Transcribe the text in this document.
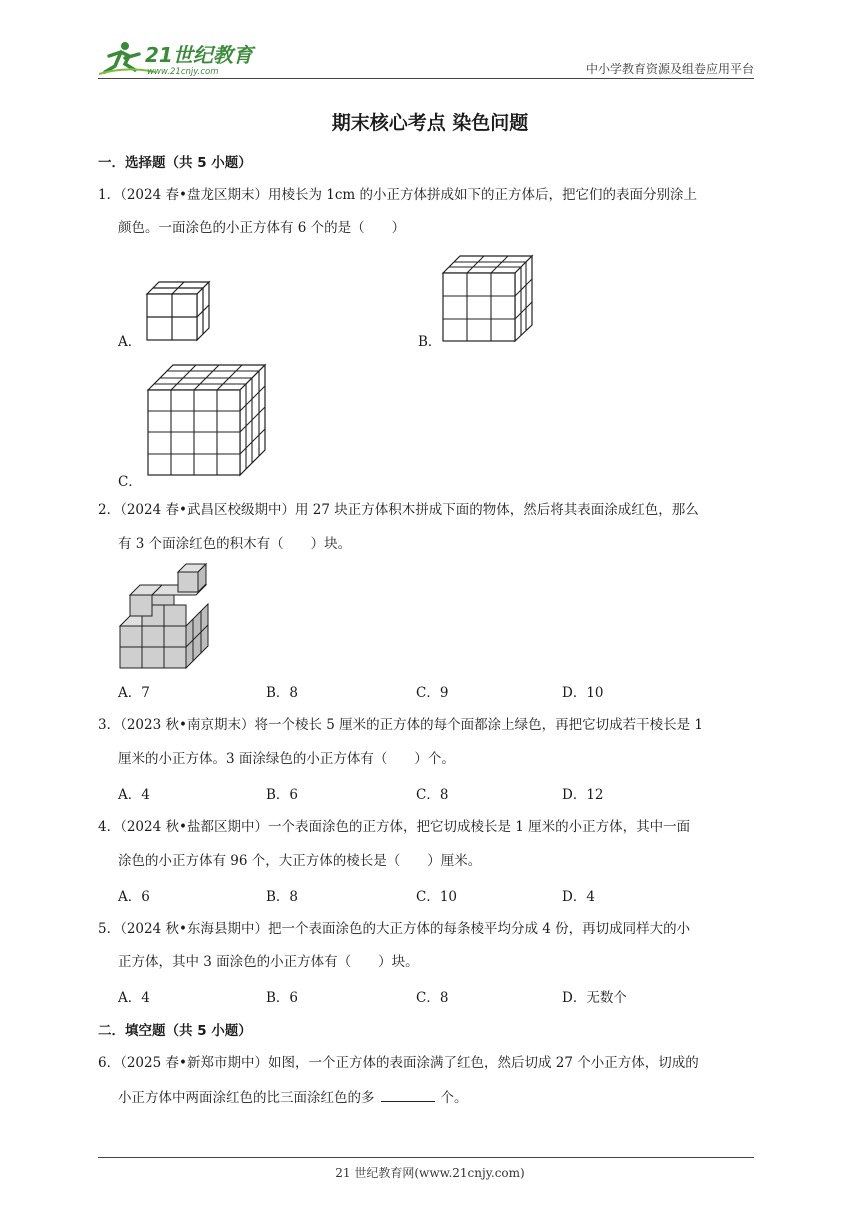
21世纪教育
www.21cnjy.com	中小学教育资源及组卷应用平台
期末核心考点 染色问题
一．选择题（共 5 小题）
1．（2024 春•盘龙区期末）用棱长为 1cm 的小正方体拼成如下的正方体后，把它们的表面分别涂上
颜色。一面涂色的小正方体有 6 个的是（　　）
A．	B．
C．
2．（2024 春•武昌区校级期中）用 27 块正方体积木拼成下面的物体，然后将其表面涂成红色，那么
有 3 个面涂红色的积木有（　　）块。
A．7	B．8	C．9	D．10
3．（2023 秋•南京期末）将一个棱长 5 厘米的正方体的每个面都涂上绿色，再把它切成若干棱长是 1
厘米的小正方体。3 面涂绿色的小正方体有（　　）个。
A．4	B．6	C．8	D．12
4．（2024 秋•盐都区期中）一个表面涂色的正方体，把它切成棱长是 1 厘米的小正方体，其中一面
涂色的小正方体有 96 个，大正方体的棱长是（　　）厘米。
A．6	B．8	C．10	D．4
5．（2024 秋•东海县期中）把一个表面涂色的大正方体的每条棱平均分成 4 份，再切成同样大的小
正方体，其中 3 面涂色的小正方体有（　　）块。
A．4	B．6	C．8	D．无数个
二．填空题（共 5 小题）
6．（2025 春•新郑市期中）如图，一个正方体的表面涂满了红色，然后切成 27 个小正方体，切成的
小正方体中两面涂红色的比三面涂红色的多	个。
21 世纪教育网(www.21cnjy.com)
